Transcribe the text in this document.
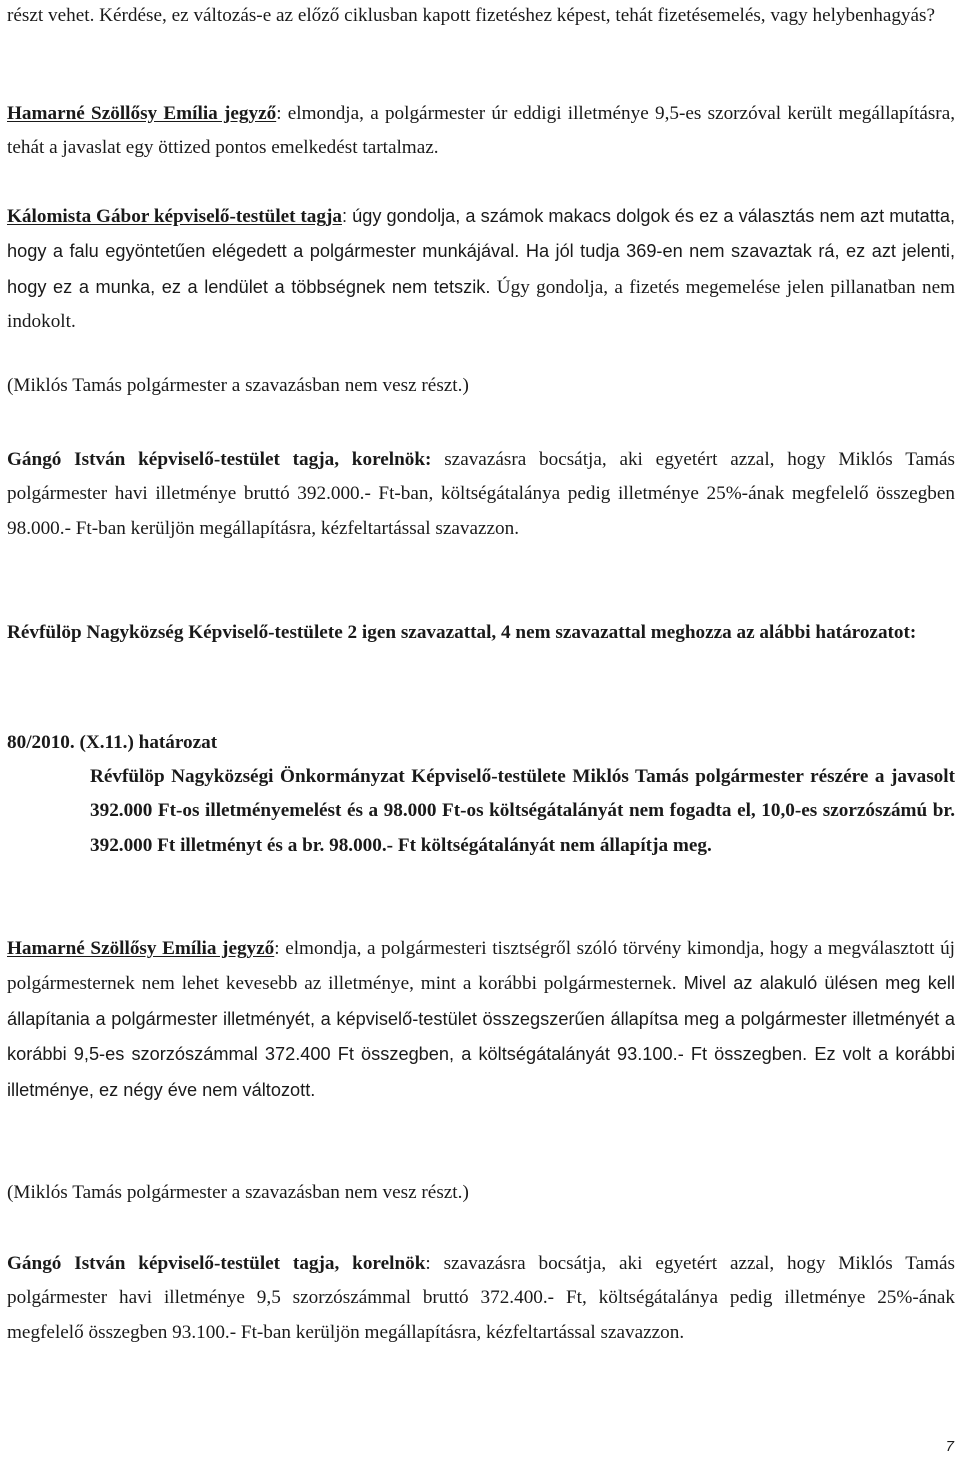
részt vehet. Kérdése, ez változás-e az előző ciklusban kapott fizetéshez képest, tehát fizetésemelés, vagy helybenhagyás?

Hamarné Szöllősy Emília jegyző: elmondja, a polgármester úr eddigi illetménye 9,5-es szorzóval került megállapításra, tehát a javaslat egy öttized pontos emelkedést tartalmaz.

Kálomista Gábor képviselő-testület tagja: úgy gondolja, a számok makacs dolgok és ez a választás nem azt mutatta, hogy a falu egyöntetűen elégedett a polgármester munkájával. Ha jól tudja 369-en nem szavaztak rá, ez azt jelenti, hogy ez a munka, ez a lendület a többségnek nem tetszik. Úgy gondolja, a fizetés megemelése jelen pillanatban nem indokolt.

(Miklós Tamás polgármester a szavazásban nem vesz részt.)

Gángó István képviselő-testület tagja, korelnök: szavazásra bocsátja, aki egyetért azzal, hogy Miklós Tamás polgármester havi illetménye bruttó 392.000.- Ft-ban, költségátalánya pedig illetménye 25%-ának megfelelő összegben 98.000.- Ft-ban kerüljön megállapításra, kézfeltartással szavazzon.

Révfülöp Nagyközség Képviselő-testülete 2 igen szavazattal, 4 nem szavazattal meghozza az alábbi határozatot:

80/2010. (X.11.) határozat

Révfülöp Nagyközségi Önkormányzat Képviselő-testülete Miklós Tamás polgármester részére a javasolt 392.000 Ft-os illetményemelést és a 98.000 Ft-os költségátalányát nem fogadta el, 10,0-es szorzószámú br. 392.000 Ft illetményt és a br. 98.000.- Ft költségátalányát nem állapítja meg.

Hamarné Szöllősy Emília jegyző: elmondja, a polgármesteri tisztségről szóló törvény kimondja, hogy a megválasztott új polgármesternek nem lehet kevesebb az illetménye, mint a korábbi polgármesternek. Mivel az alakuló ülésen meg kell állapítania a polgármester illetményét, a képviselő-testület összegszerűen állapítsa meg a polgármester illetményét a korábbi 9,5-es szorzószámmal 372.400 Ft összegben, a költségátalányát 93.100.- Ft összegben. Ez volt a korábbi illetménye, ez négy éve nem változott.

(Miklós Tamás polgármester a szavazásban nem vesz részt.)

Gángó István képviselő-testület tagja, korelnök: szavazásra bocsátja, aki egyetért azzal, hogy Miklós Tamás polgármester havi illetménye 9,5 szorzószámmal bruttó 372.400.- Ft, költségátalánya pedig illetménye 25%-ának megfelelő összegben 93.100.- Ft-ban kerüljön megállapításra, kézfeltartással szavazzon.

7
